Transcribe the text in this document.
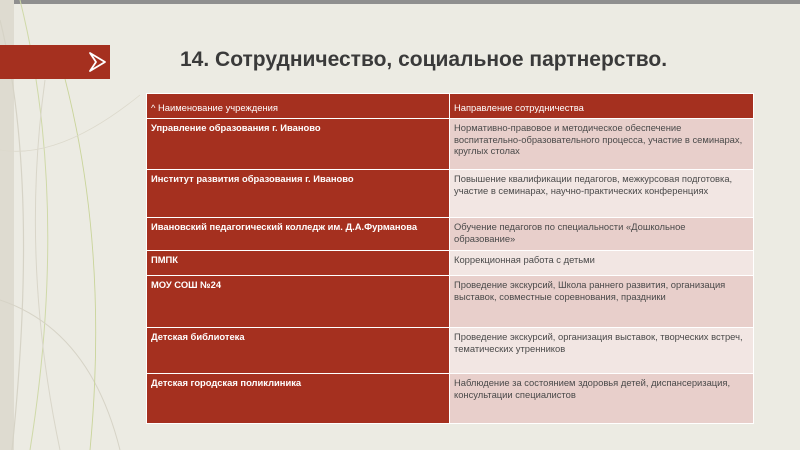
14. Сотрудничество, социальное партнерство.
^ Наименование учреждения	Направление сотрудничества
Управление образования г. Иваново	Нормативно-правовое и методическое обеспечение воспитательно-образовательного процесса, участие в семинарах, круглых столах
Институт развития образования г. Иваново	Повышение квалификации педагогов, межкурсовая подготовка, участие в семинарах, научно-практических конференциях
Ивановский педагогический колледж им. Д.А.Фурманова	Обучение педагогов по специальности «Дошкольное образование»
ПМПК	Коррекционная работа с детьми
МОУ СОШ №24	Проведение экскурсий, Школа раннего развития, организация выставок, совместные соревнования, праздники
Детская библиотека	Проведение экскурсий, организация выставок, творческих встреч, тематических утренников
Детская городская поликлиника	Наблюдение за состоянием здоровья детей, диспансеризация, консультации специалистов
